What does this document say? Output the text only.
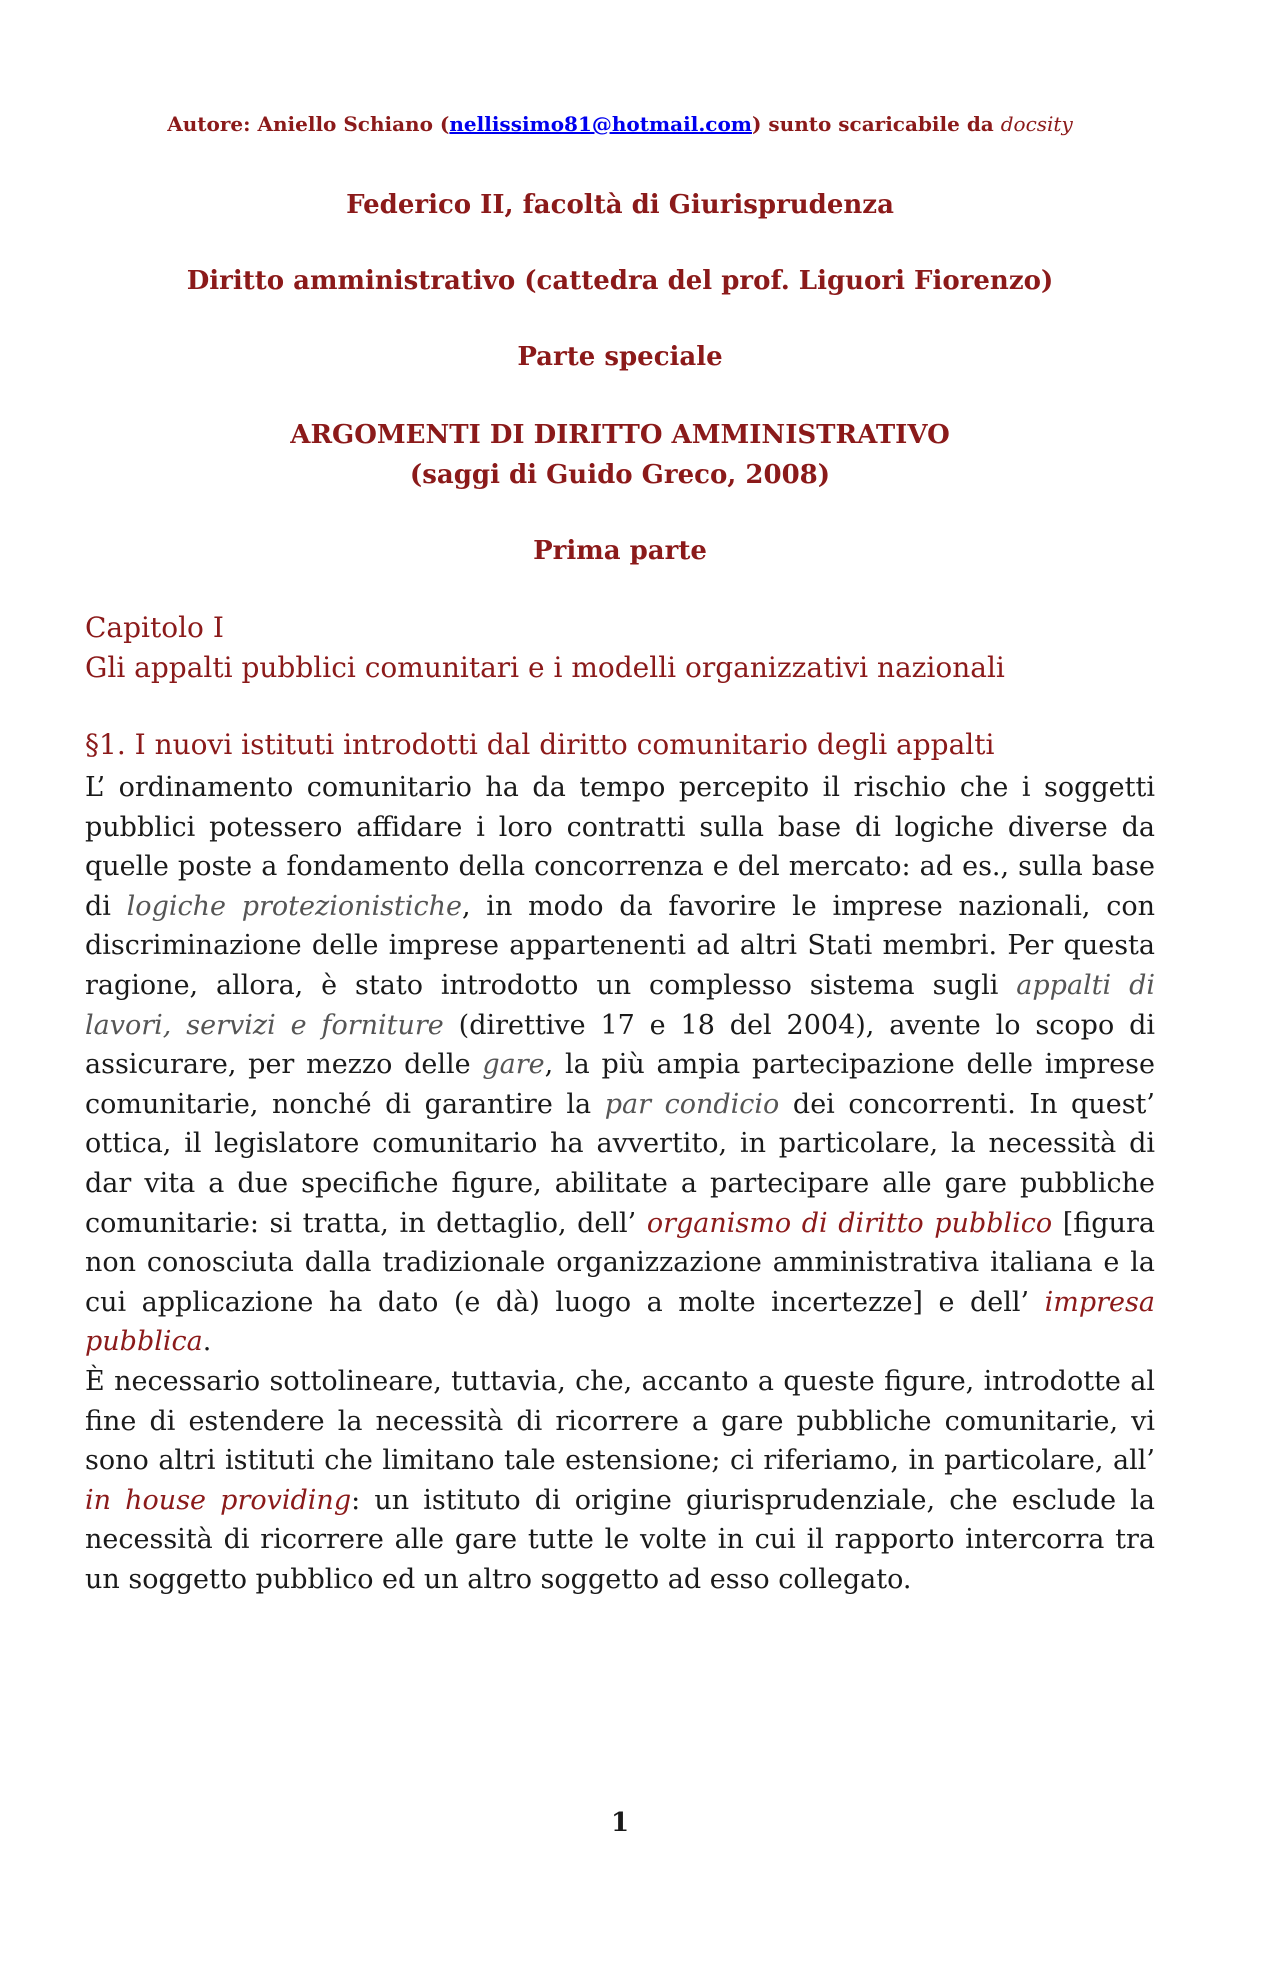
Autore: Aniello Schiano (nellissimo81@hotmail.com) sunto scaricabile da docsity
Federico II, facoltà di Giurisprudenza
Diritto amministrativo (cattedra del prof. Liguori Fiorenzo)
Parte speciale
ARGOMENTI DI DIRITTO AMMINISTRATIVO
(saggi di Guido Greco, 2008)
Prima parte
Capitolo I
Gli appalti pubblici comunitari e i modelli organizzativi nazionali
§1. I nuovi istituti introdotti dal diritto comunitario degli appalti

L’ ordinamento comunitario ha da tempo percepito il rischio che i soggetti pubblici potessero affidare i loro contratti sulla base di logiche diverse da quelle poste a fondamento della concorrenza e del mercato: ad es., sulla base di logiche protezionistiche, in modo da favorire le imprese nazionali, con discriminazione delle imprese appartenenti ad altri Stati membri. Per questa ragione, allora, è stato introdotto un complesso sistema sugli appalti di lavori, servizi e forniture (direttive 17 e 18 del 2004), avente lo scopo di assicurare, per mezzo delle gare, la più ampia partecipazione delle imprese comunitarie, nonché di garantire la par condicio dei concorrenti. In quest’ ottica, il legislatore comunitario ha avvertito, in particolare, la necessità di dar vita a due specifiche figure, abilitate a partecipare alle gare pubbliche comunitarie: si tratta, in dettaglio, dell’ organismo di diritto pubblico [figura non conosciuta dalla tradizionale organizzazione amministrativa italiana e la cui applicazione ha dato (e dà) luogo a molte incertezze] e dell’ impresa pubblica.

È necessario sottolineare, tuttavia, che, accanto a queste figure, introdotte al fine di estendere la necessità di ricorrere a gare pubbliche comunitarie, vi sono altri istituti che limitano tale estensione; ci riferiamo, in particolare, all’ in house providing: un istituto di origine giurisprudenziale, che esclude la necessità di ricorrere alle gare tutte le volte in cui il rapporto intercorra tra un soggetto pubblico ed un altro soggetto ad esso collegato.

1
